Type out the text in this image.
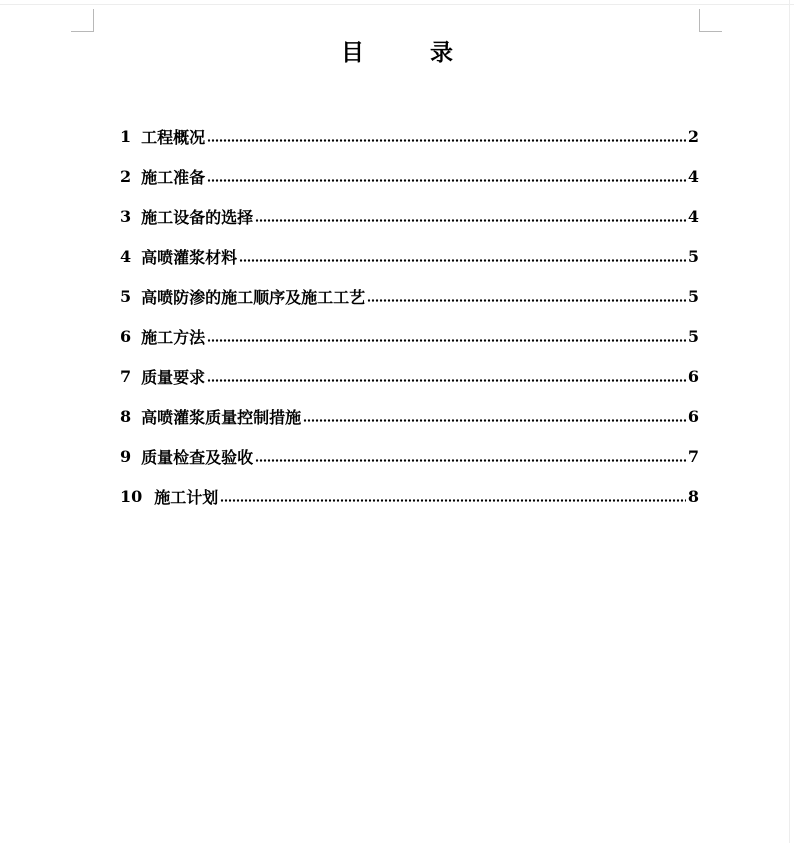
目 录
1 工程概况	2
2 施工准备	4
3 施工设备的选择	4
4 高喷灌浆材料	5
5 高喷防渗的施工顺序及施工工艺	5
6 施工方法	5
7 质量要求	6
8 高喷灌浆质量控制措施	6
9 质量检查及验收	7
10 施工计划	8
